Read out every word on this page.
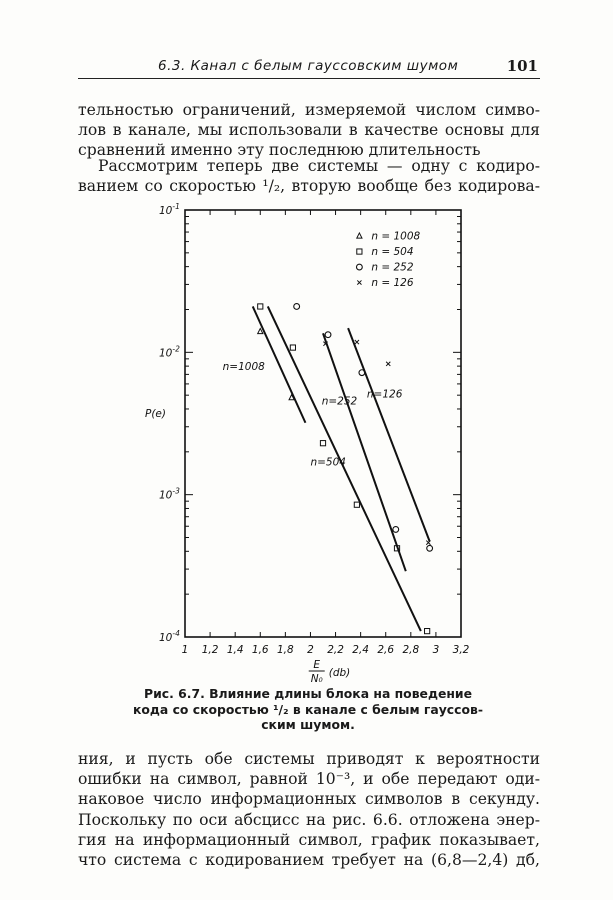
6.3. Канал с белым гауссовским шумом	101
тельностью ограничений, измеряемой числом симво-
лов в канале, мы использовали в качестве основы для
сравнений именно эту последнюю длительность
Рассмотрим теперь две системы — одну с кодиро-
ванием со скоростью ¹/₂, вторую вообще без кодирова-
1 1,2 1,4 1,6 1,8 2 2,2 2,4 2,6 2,8 3 3,2
E
N₀ (db)
$10^{-1}$
$10^{-2}$
$10^{-3}$
$10^{-4}$
P(e)
n=1008
n=504
n=252
n=126
n = 1008
n = 504
n = 252
n = 126
Рис. 6.7. Влияние длины блока на поведение
кода со скоростью ¹/₂ в канале с белым гауссов-
ским шумом.
ния, и пусть обе системы приводят к вероятности
ошибки на символ, равной 10⁻³, и обе передают оди-
наковое число информационных символов в секунду.
Поскольку по оси абсцисс на рис. 6.6. отложена энер-
гия на информационный символ, график показывает,
что система с кодированием требует на (6,8—2,4) дб,
